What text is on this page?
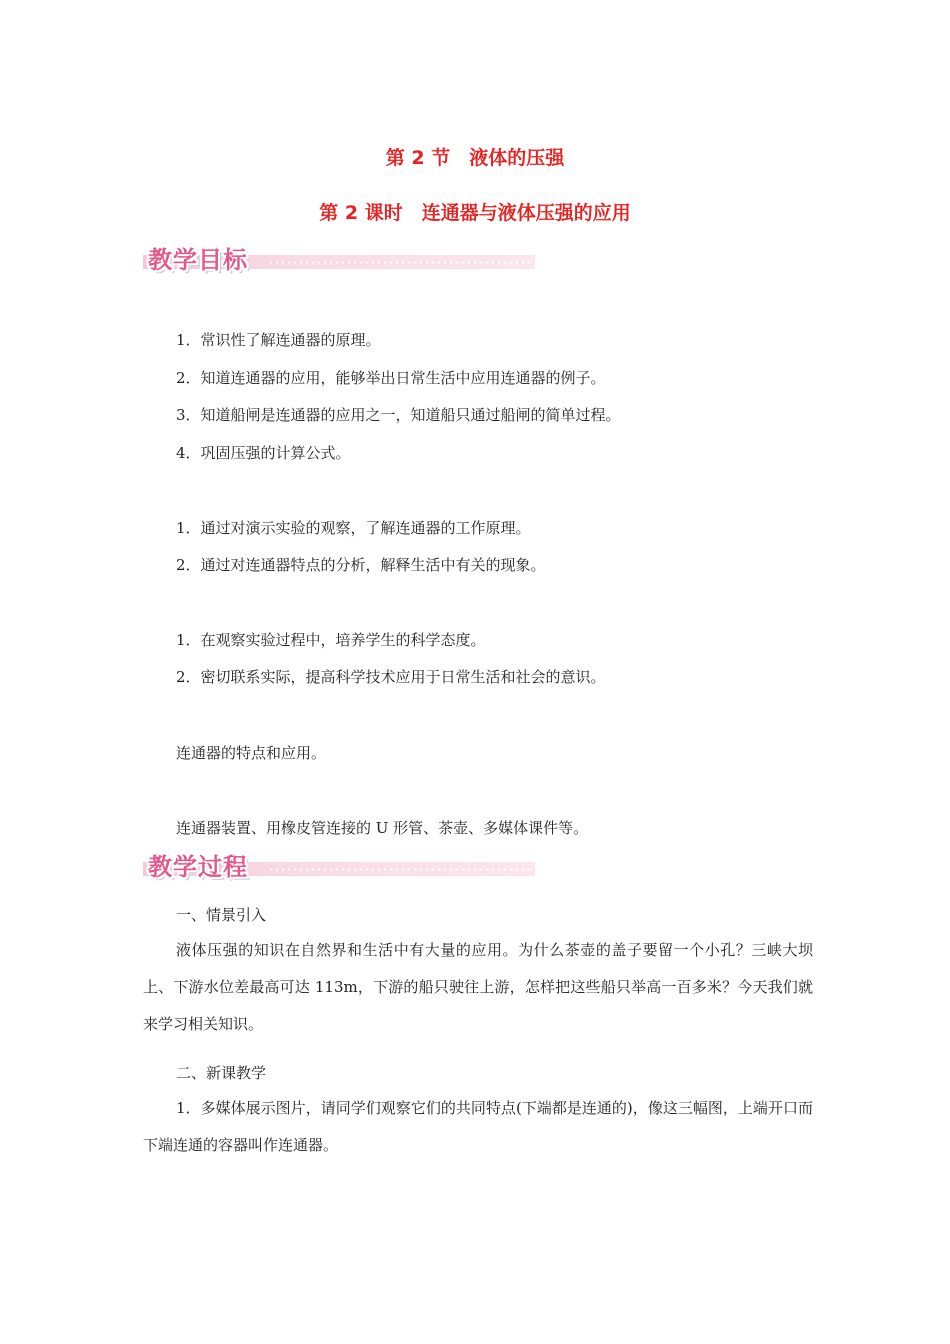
第 2 节　液体的压强
第 2 课时　连通器与液体压强的应用
教学目标
1．常识性了解连通器的原理。
2．知道连通器的应用，能够举出日常生活中应用连通器的例子。
3．知道船闸是连通器的应用之一，知道船只通过船闸的简单过程。
4．巩固压强的计算公式。
1．通过对演示实验的观察，了解连通器的工作原理。
2．通过对连通器特点的分析，解释生活中有关的现象。
1．在观察实验过程中，培养学生的科学态度。
2．密切联系实际，提高科学技术应用于日常生活和社会的意识。
连通器的特点和应用。
连通器装置、用橡皮管连接的 U 形管、茶壶、多媒体课件等。
教学过程
一、情景引入
液体压强的知识在自然界和生活中有大量的应用。为什么茶壶的盖子要留一个小孔？三峡大坝上、下游水位差最高可达 113m，下游的船只驶往上游，怎样把这些船只举高一百多米？今天我们就来学习相关知识。
二、新课教学
1．多媒体展示图片，请同学们观察它们的共同特点(下端都是连通的)，像这三幅图，上端开口而下端连通的容器叫作连通器。
